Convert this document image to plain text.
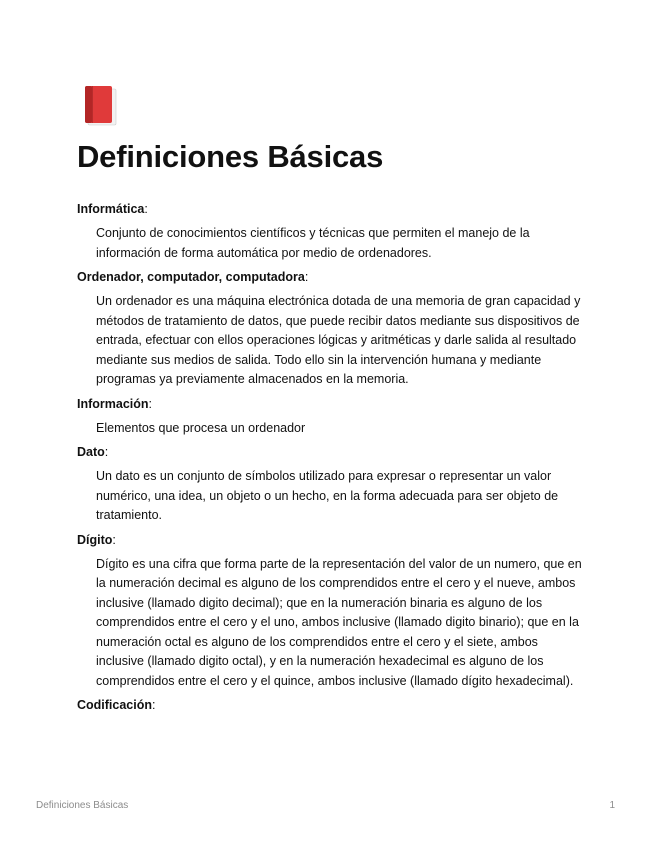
Definiciones Básicas
Informática:
Conjunto de conocimientos científicos y técnicas que permiten el manejo de la información de forma automática por medio de ordenadores.
Ordenador, computador, computadora:
Un ordenador es una máquina electrónica dotada de una memoria de gran capacidad y métodos de tratamiento de datos, que puede recibir datos mediante sus dispositivos de entrada, efectuar con ellos operaciones lógicas y aritméticas y darle salida al resultado mediante sus medios de salida. Todo ello sin la intervención humana y mediante programas ya previamente almacenados en la memoria.
Información:
Elementos que procesa un ordenador
Dato:
Un dato es un conjunto de símbolos utilizado para expresar o representar un valor numérico, una idea, un objeto o un hecho, en la forma adecuada para ser objeto de tratamiento.
Dígito:
Dígito es una cifra que forma parte de la representación del valor de un numero, que en la numeración decimal es alguno de los comprendidos entre el cero y el nueve, ambos inclusive (llamado digito decimal); que en la numeración binaria es alguno de los comprendidos entre el cero y el uno, ambos inclusive (llamado digito binario); que en la numeración octal es alguno de los comprendidos entre el cero y el siete, ambos inclusive (llamado digito octal), y en la numeración hexadecimal es alguno de los comprendidos entre el cero y el quince, ambos inclusive (llamado dígito hexadecimal).
Codificación:
Definiciones Básicas	1
